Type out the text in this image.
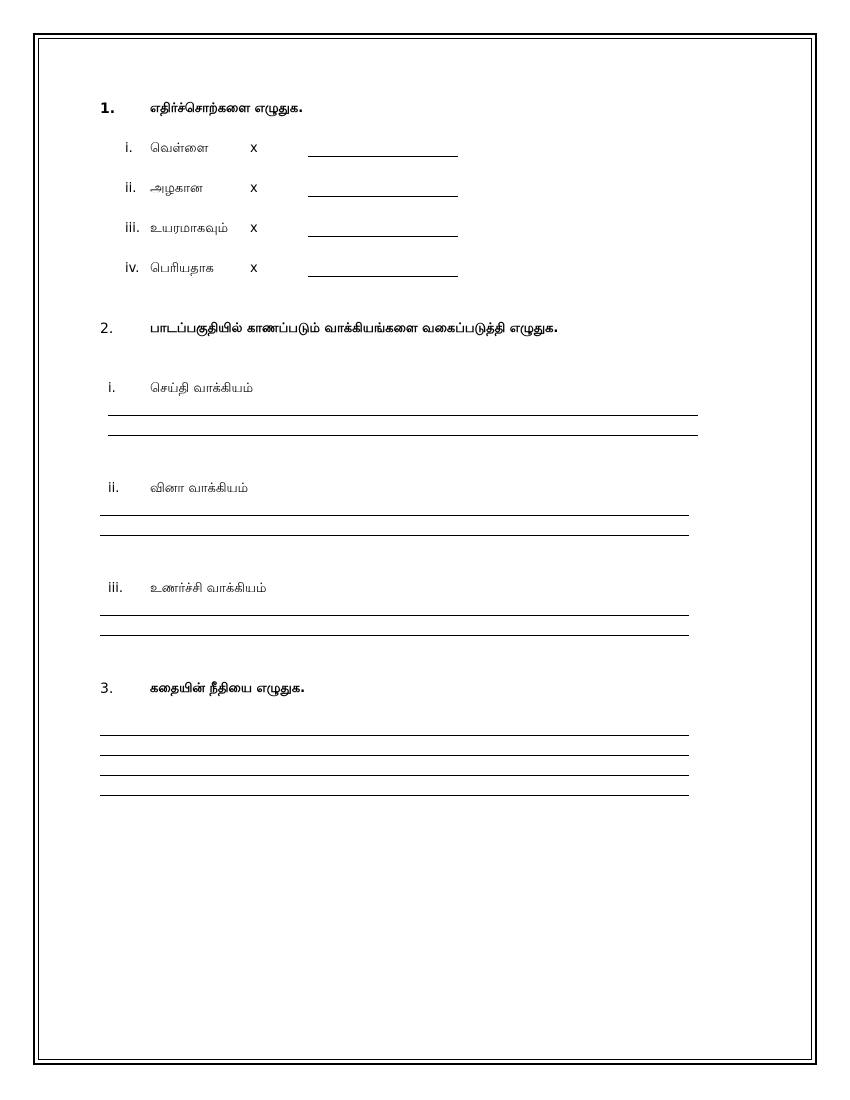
1.	எதிர்ச்சொற்களை எழுதுக.
i. வெள்ளை	x
ii. அழகான	x
iii. உயரமாகவும் x
iv. பெரியதாக	x
2.	பாடப்பகுதியில் காணப்படும் வாக்கியங்களை வகைப்படுத்தி எழுதுக.
i.	செய்தி வாக்கியம்
ii. வினா வாக்கியம்
iii. உணர்ச்சி வாக்கியம்
3.	கதையின் நீதியை எழுதுக.
